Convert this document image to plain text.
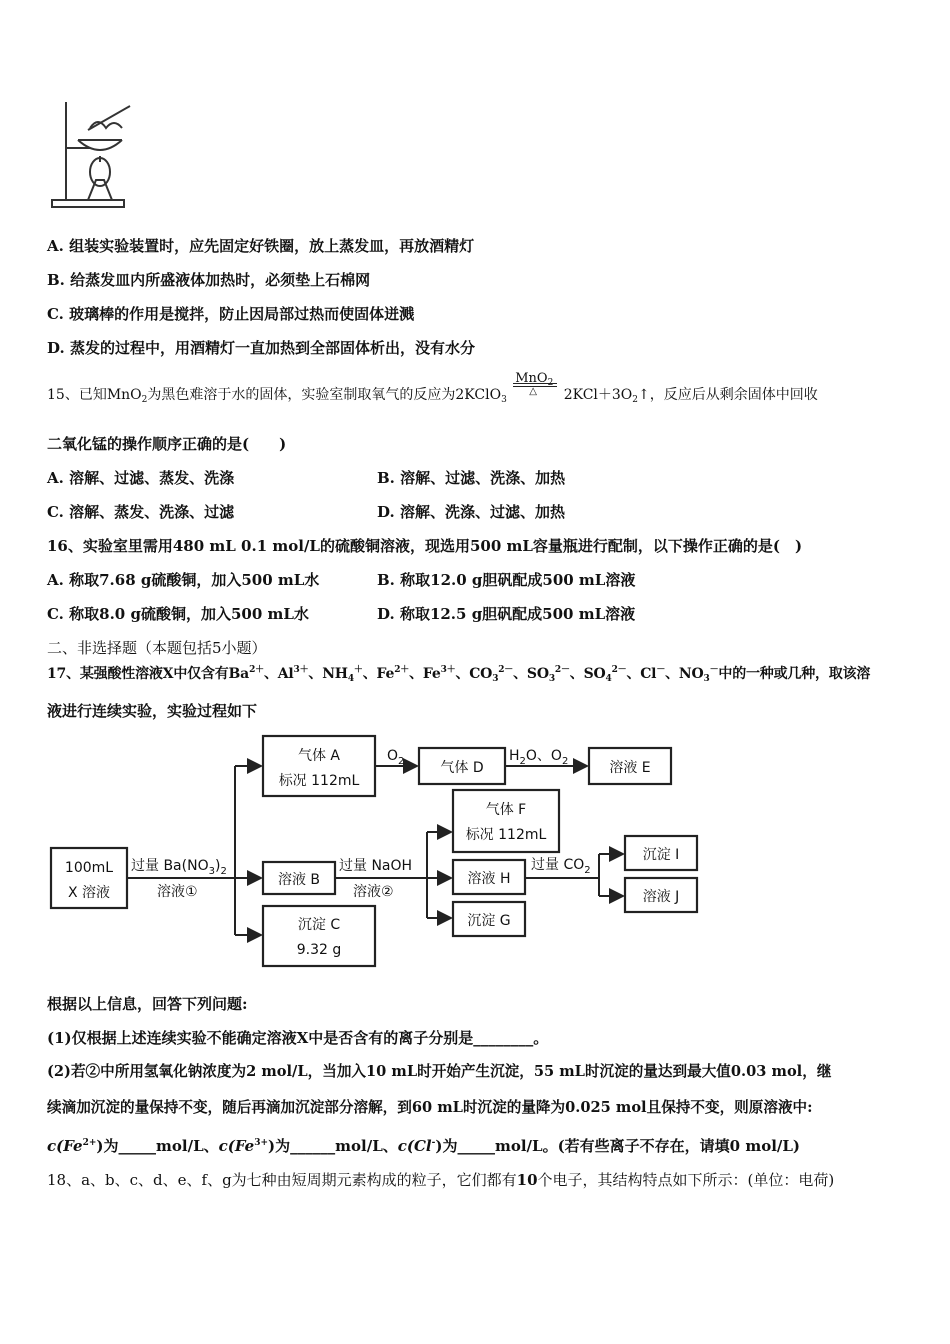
A. 组装实验装置时，应先固定好铁圈，放上蒸发皿，再放酒精灯
B. 给蒸发皿内所盛液体加热时，必须垫上石棉网
C. 玻璃棒的作用是搅拌，防止因局部过热而使固体迸溅
D. 蒸发的过程中，用酒精灯一直加热到全部固体析出，没有水分
15、已知MnO$_2$为黑色难溶于水的固体，实验室制取氧气的反应为2KClO$_3$
MnO$_2$
△ $2KCl+3O_2↑$，反应后从剩余固体中回收
二氧化锰的操作顺序正确的是(　　)
A. 溶解、过滤、蒸发、洗涤	B. 溶解、过滤、洗涤、加热
C. 溶解、蒸发、洗涤、过滤	D. 溶解、洗涤、过滤、加热
16、实验室里需用480 mL 0.1 mol/L的硫酸铜溶液，现选用500 mL容量瓶进行配制，以下操作正确的是(　)
A. 称取7.68 g硫酸铜，加入500 mL水	B. 称取12.0 g胆矾配成500 mL溶液
C. 称取8.0 g硫酸铜，加入500 mL水	D. 称取12.5 g胆矾配成500 mL溶液
二、非选择题（本题包括5小题）
17、某强酸性溶液X中仅含有$Ba^{2+}$、$Al^{3+}$、$NH_4^+$、$Fe^{2+}$、$Fe^{3+}$、$CO_3^{2-}$、$SO_3^{2-}$、$SO_4^{2-}$、Cl－、$NO_3^-$中的一种或几种，取该溶
液进行连续实验，实验过程如下
100mL
X 溶液
过量 $Ba(NO_3)_2$
溶液①
气体 A
标况 112mL
$O_2$	气体 D
$H_2O$、$O_2$	溶液 E
溶液 B
过量 NaOH
溶液②
气体 F
标况 112mL
溶液 H
过量 $CO_2$
沉淀 I
溶液 J
沉淀 G
沉淀 C
9.32 g
根据以上信息，回答下列问题:
(1)仅根据上述连续实验不能确定溶液X中是否含有的离子分别是________。
(2)若②中所用氢氧化钠浓度为2 mol/L，当加入10 mL时开始产生沉淀，55 mL时沉淀的量达到最大值0.03 mol，继
续滴加沉淀的量保持不变，随后再滴加沉淀部分溶解，到60 mL时沉淀的量降为0.025 mol且保持不变，则原溶液中:
$c(Fe^{2+})$为_____mol/L、$c(Fe^{3+})$为______mol/L、c(Cl-)为_____mol/L。(若有些离子不存在，请填0 mol/L)
18、a、b、c、d、e、f、g为七种由短周期元素构成的粒子，它们都有10个电子，其结构特点如下所示：(单位：电荷)
